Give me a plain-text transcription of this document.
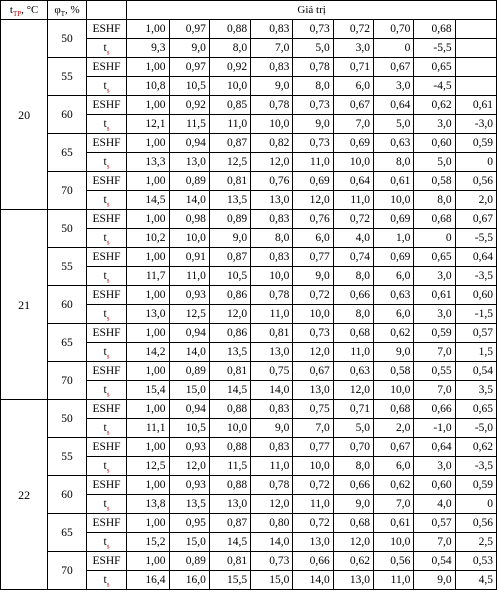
$t_{TP}$, °C	$\varphi_T$, %		Giá trị								
20	50	ESHF	1,00	0,97	0,88	0,83	0,73	0,72	0,70	0,68	
		$t_s$	9,3	9,0	8,0	7,0	5,0	3,0	0	-5,5	
	55	ESHF	1,00	0,97	0,92	0,83	0,78	0,71	0,67	0,65	
		$t_s$	10,8	10,5	10,0	9,0	8,0	6,0	3,0	-4,5	
	60	ESHF	1,00	0,92	0,85	0,78	0,73	0,67	0,64	0,62	0,61
		$t_s$	12,1	11,5	11,0	10,0	9,0	7,0	5,0	3,0	-3,0
	65	ESHF	1,00	0,94	0,87	0,82	0,73	0,69	0,63	0,60	0,59
		$t_s$	13,3	13,0	12,5	12,0	11,0	10,0	8,0	5,0	0
	70	ESHF	1,00	0,89	0,81	0,76	0,69	0,64	0,61	0,58	0,56
		$t_s$	14,5	14,0	13,5	13,0	12,0	11,0	10,0	8,0	2,0
21	50	ESHF	1,00	0,98	0,89	0,83	0,76	0,72	0,69	0,68	0,67
		$t_s$	10,2	10,0	9,0	8,0	6,0	4,0	1,0	0	-5,5
	55	ESHF	1,00	0,91	0,87	0,83	0,77	0,74	0,69	0,65	0,64
		$t_s$	11,7	11,0	10,5	10,0	9,0	8,0	6,0	3,0	-3,5
	60	ESHF	1,00	0,93	0,86	0,78	0,72	0,66	0,63	0,61	0,60
		$t_s$	13,0	12,5	12,0	11,0	10,0	8,0	6,0	3,0	-1,5
	65	ESHF	1,00	0,94	0,86	0,81	0,73	0,68	0,62	0,59	0,57
		$t_s$	14,2	14,0	13,5	13,0	12,0	11,0	9,0	7,0	1,5
	70	ESHF	1,00	0,89	0,81	0,75	0,67	0,63	0,58	0,55	0,54
		$t_s$	15,4	15,0	14,5	14,0	13,0	12,0	10,0	7,0	3,5
22	50	ESHF	1,00	0,94	0,88	0,83	0,75	0,71	0,68	0,66	0,65
		$t_s$	11,1	10,5	10,0	9,0	7,0	5,0	2,0	-1,0	-5,0
	55	ESHF	1,00	0,93	0,88	0,83	0,77	0,70	0,67	0,64	0,62
		$t_s$	12,5	12,0	11,5	11,0	10,0	8,0	6,0	3,0	-3,5
	60	ESHF	1,00	0,93	0,88	0,78	0,72	0,66	0,62	0,60	0,59
		$t_s$	13,8	13,5	13,0	12,0	11,0	9,0	7,0	4,0	0
	65	ESHF	1,00	0,95	0,87	0,80	0,72	0,68	0,61	0,57	0,56
		$t_s$	15,2	15,0	14,5	14,0	13,0	12,0	10,0	7,0	2,5
	70	ESHF	1,00	0,89	0,81	0,73	0,66	0,62	0,56	0,54	0,53
		$t_s$	16,4	16,0	15,5	15,0	14,0	13,0	11,0	9,0	4,5
